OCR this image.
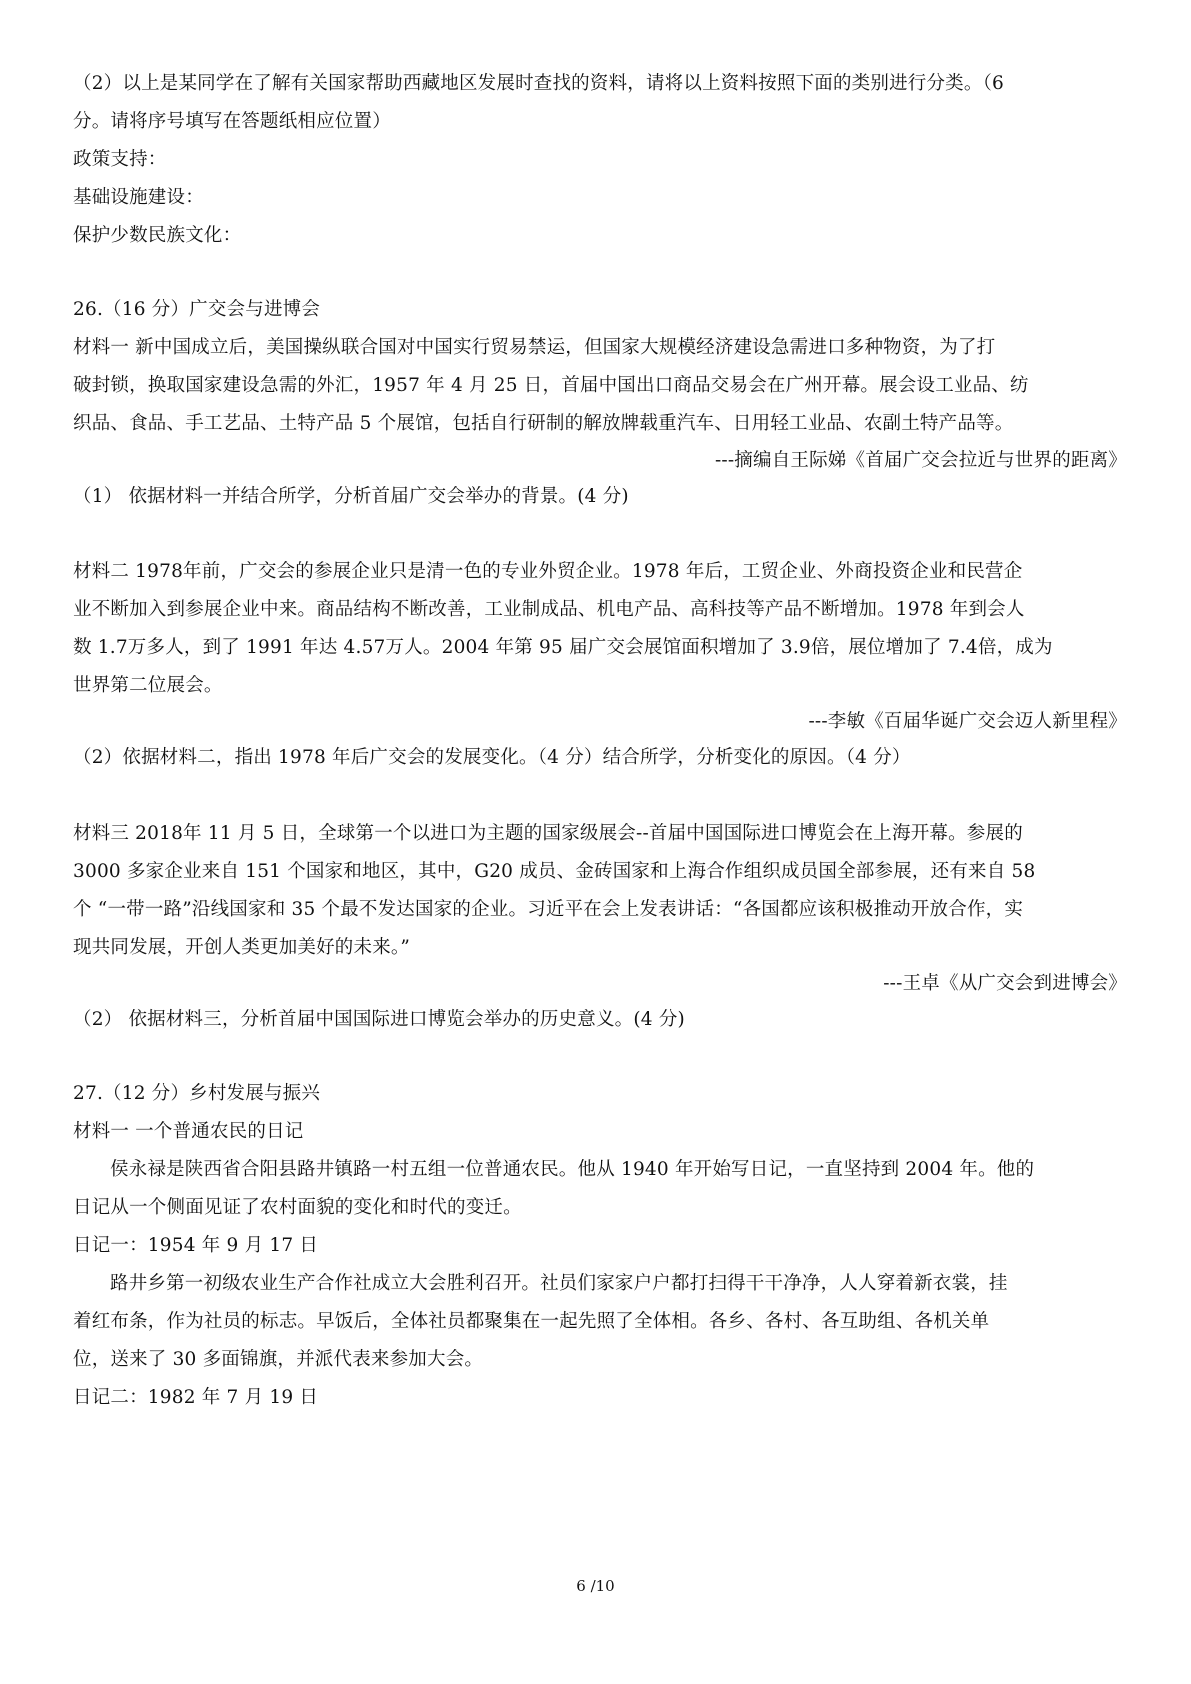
（2）以上是某同学在了解有关国家帮助西藏地区发展时查找的资料，请将以上资料按照下面的类别进行分类。（6
分。请将序号填写在答题纸相应位置）
政策支持：
基础设施建设：
保护少数民族文化：
26.（16 分）广交会与进博会
材料一 新中国成立后，美国操纵联合国对中国实行贸易禁运，但国家大规模经济建设急需进口多种物资，为了打
破封锁，换取国家建设急需的外汇，1957 年 4 月 25 日，首届中国出口商品交易会在广州开幕。展会设工业品、纺
织品、食品、手工艺品、土特产品 5 个展馆，包括自行研制的解放牌载重汽车、日用轻工业品、农副土特产品等。
---摘编自王际娣《首届广交会拉近与世界的距离》
（1） 依据材料一并结合所学，分析首届广交会举办的背景。(4 分)
材料二 1978年前，广交会的参展企业只是清一色的专业外贸企业。1978 年后，工贸企业、外商投资企业和民营企
业不断加入到参展企业中来。商品结构不断改善，工业制成品、机电产品、高科技等产品不断增加。1978 年到会人
数 1.7万多人，到了 1991 年达 4.57万人。2004 年第 95 届广交会展馆面积增加了 3.9倍，展位增加了 7.4倍，成为
世界第二位展会。
---李敏《百届华诞广交会迈人新里程》
（2）依据材料二，指出 1978 年后广交会的发展变化。（4 分）结合所学，分析变化的原因。（4 分）
材料三 2018年 11 月 5 日，全球第一个以进口为主题的国家级展会--首届中国国际进口博览会在上海开幕。参展的
3000 多家企业来自 151 个国家和地区，其中，G20 成员、金砖国家和上海合作组织成员国全部参展，还有来自 58
个 “一带一路”沿线国家和 35 个最不发达国家的企业。习近平在会上发表讲话：“各国都应该积极推动开放合作，实
现共同发展，开创人类更加美好的未来。”
---王卓《从广交会到进博会》
（2） 依据材料三，分析首届中国国际进口博览会举办的历史意义。(4 分)
27.（12 分）乡村发展与振兴
材料一 一个普通农民的日记
侯永禄是陕西省合阳县路井镇路一村五组一位普通农民。他从 1940 年开始写日记，一直坚持到 2004 年。他的
日记从一个侧面见证了农村面貌的变化和时代的变迁。
日记一：1954 年 9 月 17 日
路井乡第一初级农业生产合作社成立大会胜利召开。社员们家家户户都打扫得干干净净，人人穿着新衣裳，挂
着红布条，作为社员的标志。早饭后，全体社员都聚集在一起先照了全体相。各乡、各村、各互助组、各机关单
位，送来了 30 多面锦旗，并派代表来参加大会。
日记二：1982 年 7 月 19 日
6 /10
